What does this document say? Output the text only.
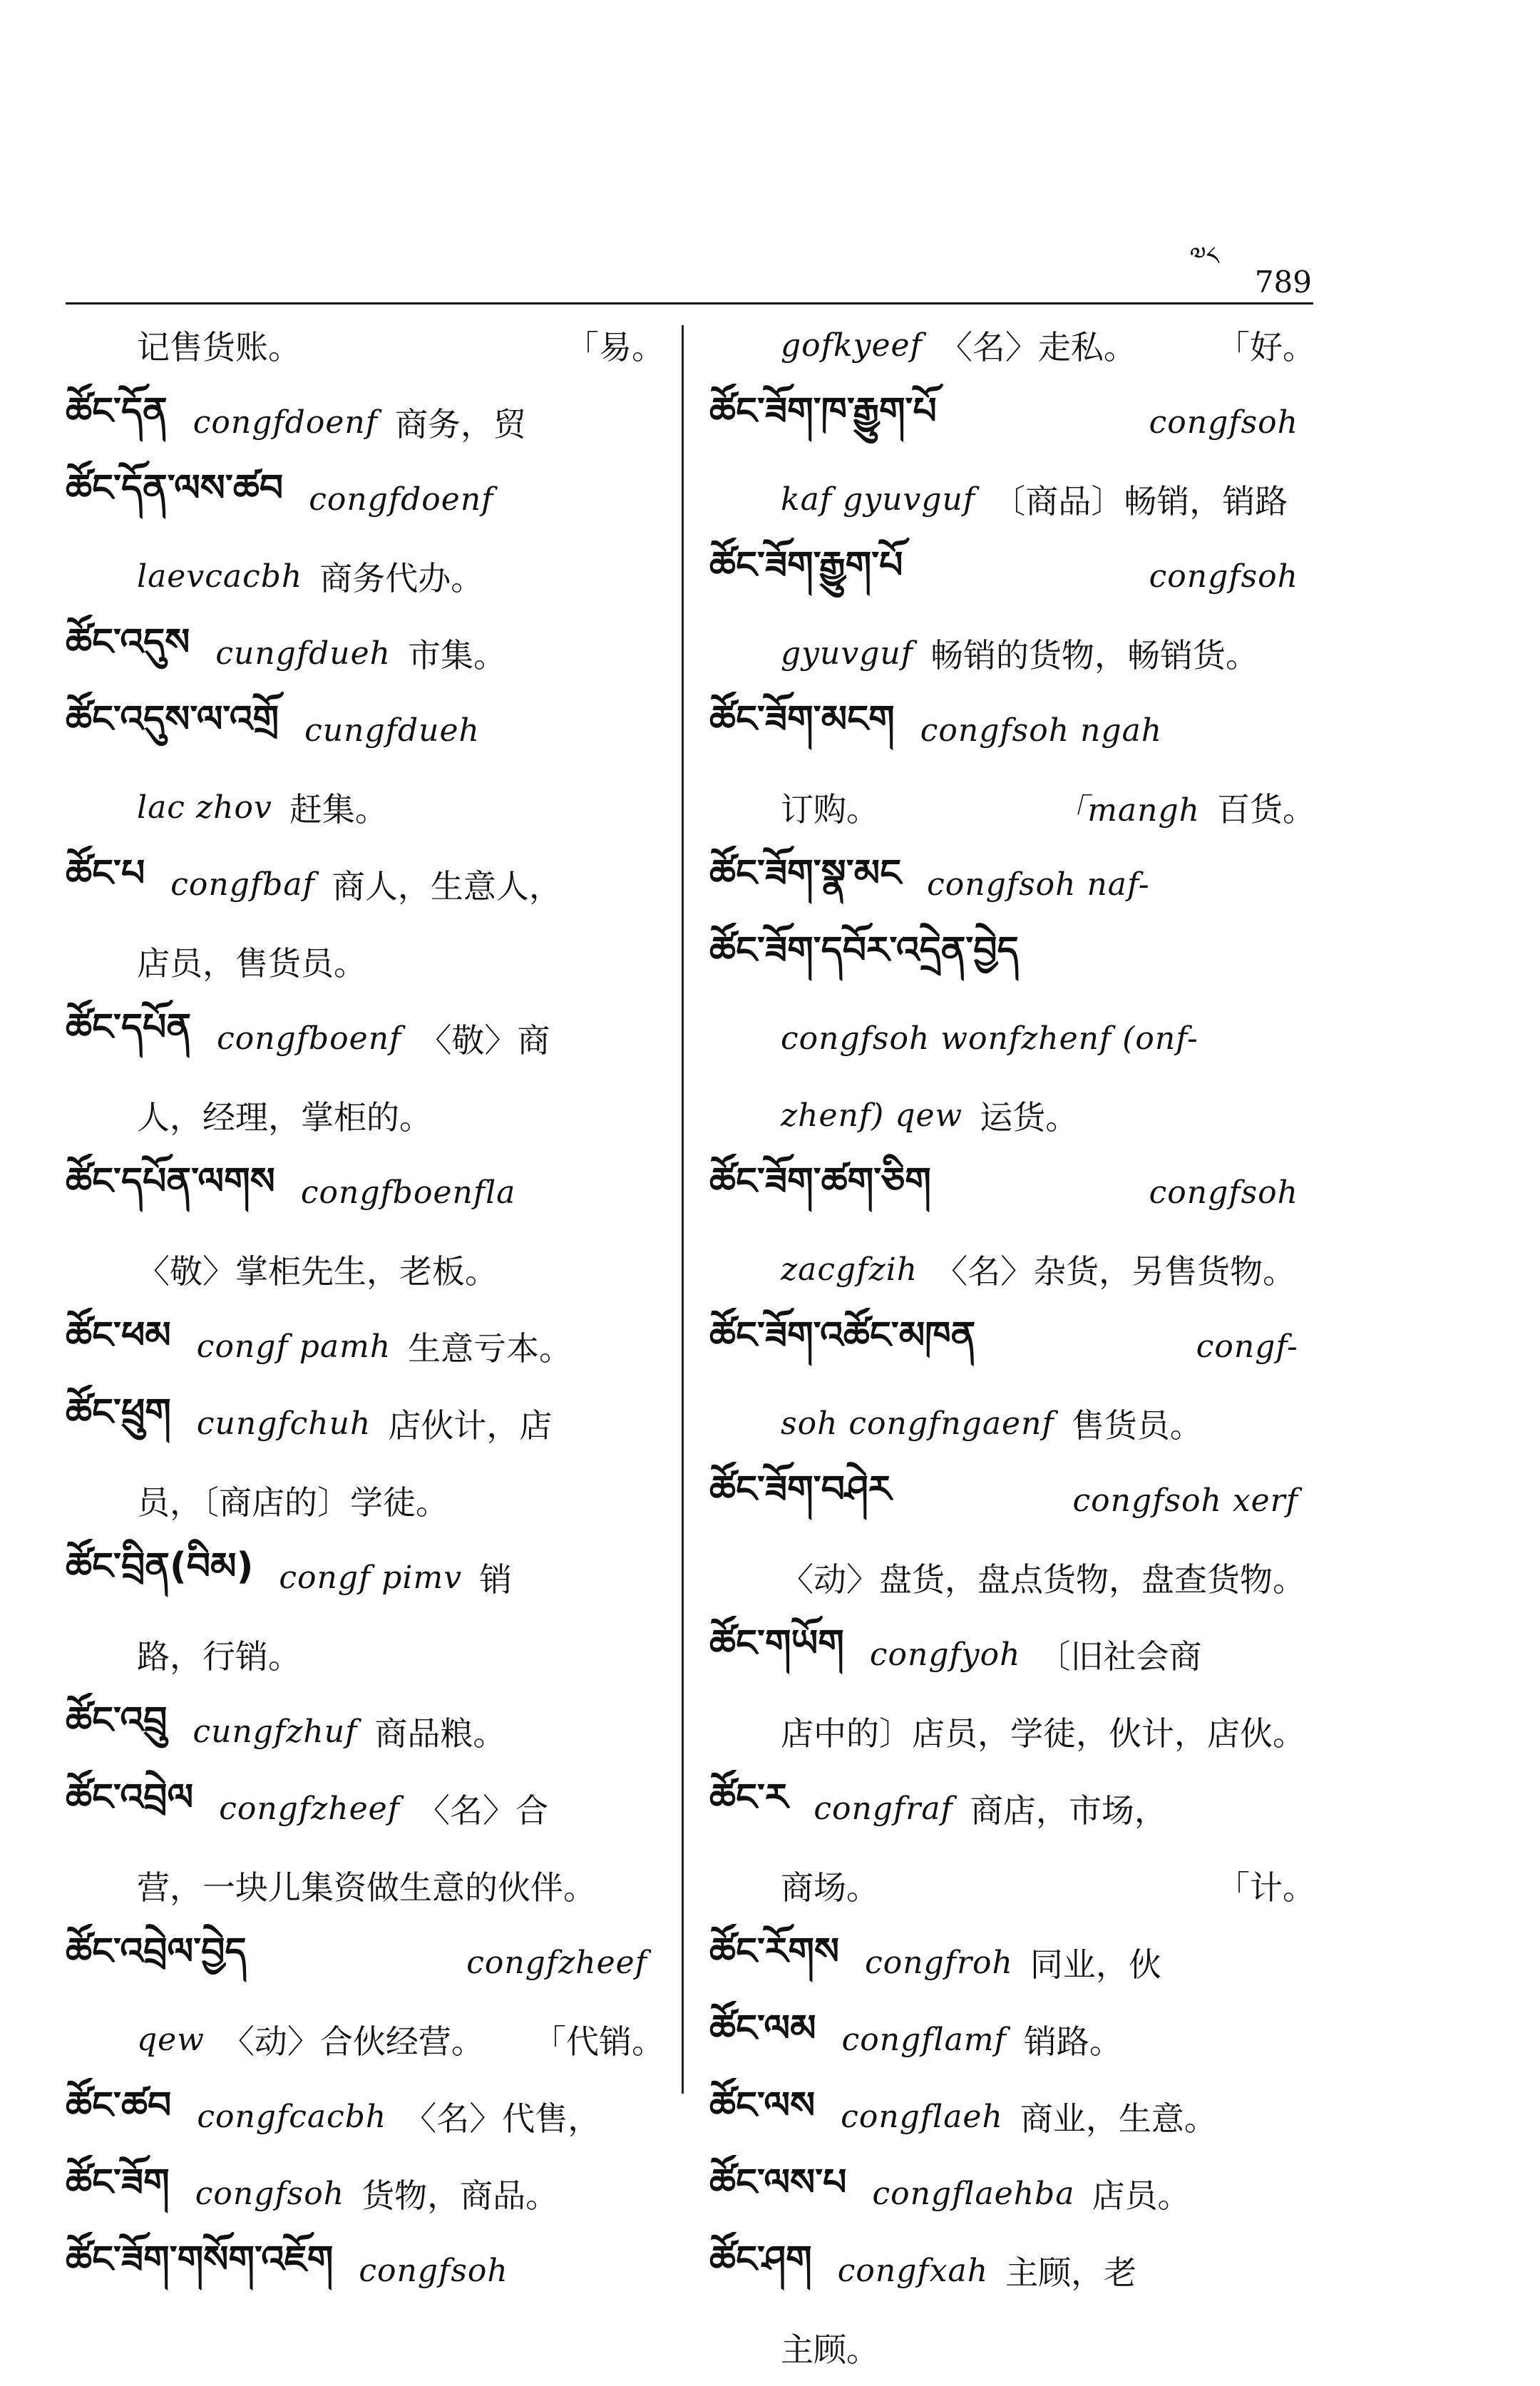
༧༨
789
记售货账。	「易。
ཚོང་དོན congfdoenf 商务，贸
ཚོང་དོན་ལས་ཚབ congfdoenf
laevcacbh 商务代办。
ཚོང་འདུས cungfdueh 市集。
ཚོང་འདུས་ལ་འགྲོ cungfdueh
lac zhov 赶集。
ཚོང་པ congfbaf 商人，生意人，
店员，售货员。
ཚོང་དཔོན congfboenf 〈敬〉商
人，经理，掌柜的。
ཚོང་དཔོན་ལགས congfboenfla
〈敬〉掌柜先生，老板。
ཚོང་ཕམ congf pamh 生意亏本。
ཚོང་ཕྲུག cungfchuh 店伙计，店
员，〔商店的〕学徒。
ཚོང་བྲིན(བིམ) congf pimv 销
路，行销。
ཚོང་འབྲུ cungfzhuf 商品粮。
ཚོང་འབྲེལ congfzheef 〈名〉合
营，一块儿集资做生意的伙伴。
ཚོང་འབྲེལ་བྱེད	congfzheef
qew 〈动〉合伙经营。 「代销。
ཚོང་ཚབ congfcacbh 〈名〉代售，
ཚོང་ཟོག congfsoh 货物，商品。
ཚོང་ཟོག་གསོག་འཇོག congfsoh
gofkyeef 〈名〉走私。 「好。
ཚོང་ཟོག་ཁ་རྒྱུག་པོ	congfsoh
kaf gyuvguf 〔商品〕畅销，销路
ཚོང་ཟོག་རྒྱུག་པོ	congfsoh
gyuvguf 畅销的货物，畅销货。
ཚོང་ཟོག་མངག congfsoh ngah
订购。	「mangh 百货。
ཚོང་ཟོག་སྣ་མང congfsoh naf-
ཚོང་ཟོག་དབོར་འདྲེན་བྱེད
congfsoh wonfzhenf (onf-
zhenf) qew 运货。
ཚོང་ཟོག་ཚག་ཅིག	congfsoh
zacgfzih 〈名〉杂货，另售货物。
ཚོང་ཟོག་འཚོང་མཁན	congf-
soh congfngaenf 售货员。
ཚོང་ཟོག་བཤེར	congfsoh xerf
〈动〉盘货，盘点货物，盘查货物。
ཚོང་གཡོག congfyoh 〔旧社会商
店中的〕店员，学徒，伙计，店伙。
ཚོང་ར congfraf 商店，市场，
商场。	「计。
ཚོང་རོགས congfroh 同业，伙
ཚོང་ལམ congflamf 销路。
ཚོང་ལས congflaeh 商业，生意。
ཚོང་ལས་པ congflaehba 店员。
ཚོང་ཤག congfxah 主顾，老
主顾。
